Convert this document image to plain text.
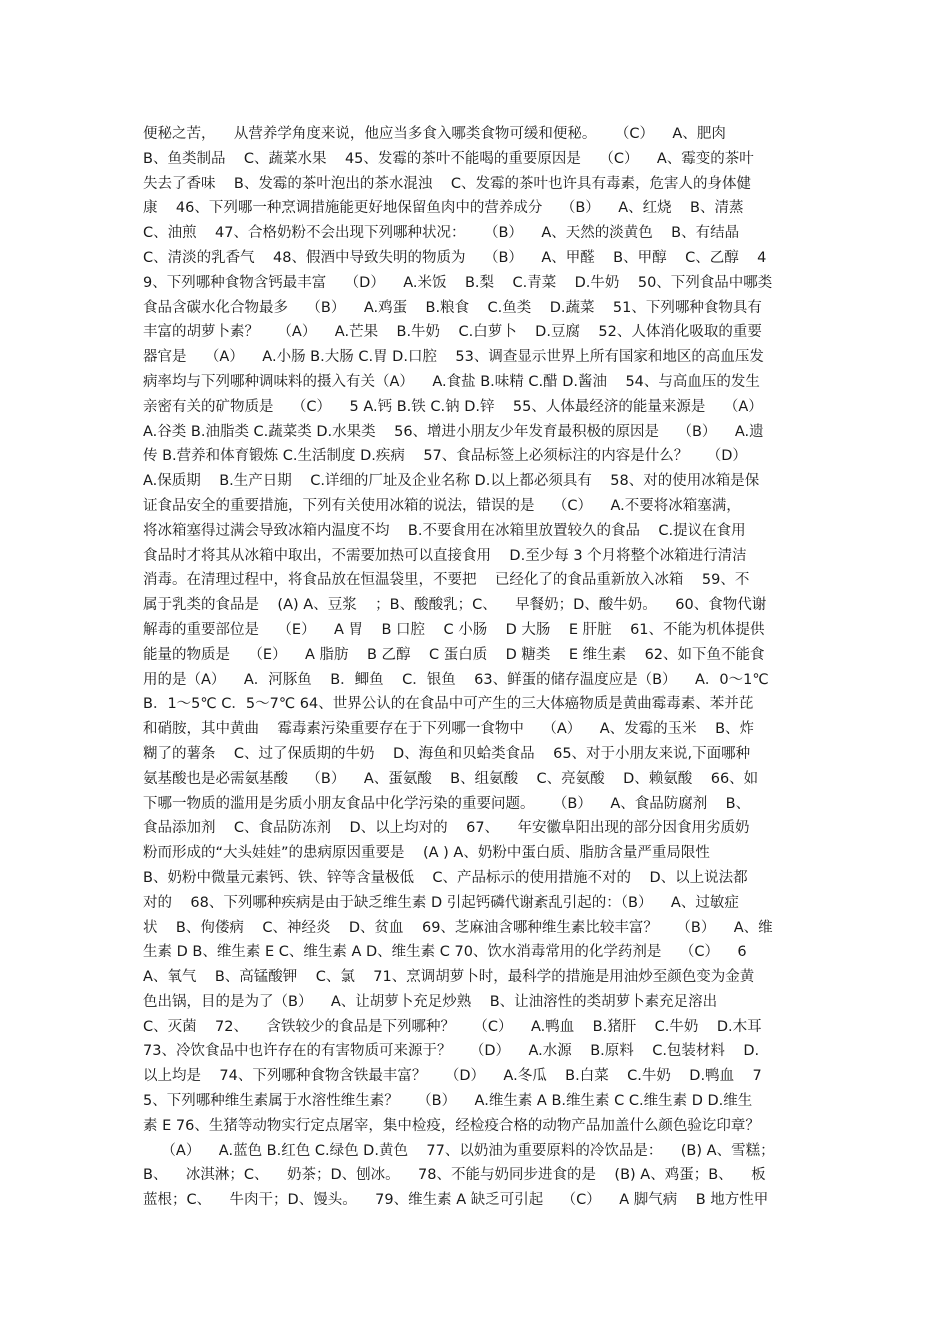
便秘之苦，    从营养学角度来说，他应当多食入哪类食物可缓和便秘。    （C）    A、肥肉
B、鱼类制品    C、蔬菜水果    45、发霉的茶叶不能喝的重要原因是    （C）    A、霉变的茶叶
失去了香味    B、发霉的茶叶泡出的茶水混浊    C、发霉的茶叶也许具有毒素，危害人的身体健
康    46、下列哪一种烹调措施能更好地保留鱼肉中的营养成分    （B）    A、红烧    B、清蒸
C、油煎    47、合格奶粉不会出现下列哪种状况：    （B）    A、天然的淡黄色    B、有结晶
C、清淡的乳香气    48、假酒中导致失明的物质为    （B）    A、甲醛    B、甲醇    C、乙醇    4
9、下列哪种食物含钙最丰富    （D）    A.米饭    B.梨    C.青菜    D.牛奶    50、下列食品中哪类
食品含碳水化合物最多    （B）    A.鸡蛋    B.粮食    C.鱼类    D.蔬菜    51、下列哪种食物具有
丰富的胡萝卜素？    （A）    A.芒果    B.牛奶    C.白萝卜    D.豆腐    52、人体消化吸取的重要
器官是    （A）    A.小肠 B.大肠 C.胃 D.口腔    53、调查显示世界上所有国家和地区的高血压发
病率均与下列哪种调味料的摄入有关（A）    A.食盐 B.味精 C.醋 D.酱油    54、与高血压的发生
亲密有关的矿物质是    （C）    5 A.钙 B.铁 C.钠 D.锌    55、人体最经济的能量来源是    （A）
A.谷类 B.油脂类 C.蔬菜类 D.水果类    56、增进小朋友少年发育最积极的原因是    （B）    A.遗
传 B.营养和体育锻炼 C.生活制度 D.疾病    57、食品标签上必须标注的内容是什么？    （D）
A.保质期    B.生产日期    C.详细的厂址及企业名称 D.以上都必须具有    58、对的使用冰箱是保
证食品安全的重要措施，下列有关使用冰箱的说法，错误的是    （C）    A.不要将冰箱塞满，
将冰箱塞得过满会导致冰箱内温度不均    B.不要食用在冰箱里放置较久的食品    C.提议在食用
食品时才将其从冰箱中取出，不需要加热可以直接食用    D.至少每 3 个月将整个冰箱进行清洁
消毒。在清理过程中，将食品放在恒温袋里，不要把    已经化了的食品重新放入冰箱    59、不
属于乳类的食品是    (A) A、豆浆    ；B、酸酸乳；C、    早餐奶；D、酸牛奶。    60、食物代谢
解毒的重要部位是    （E）    A 胃    B 口腔    C 小肠    D 大肠    E 肝脏    61、不能为机体提供
能量的物质是    （E）    A 脂肪    B 乙醇    C 蛋白质    D 糖类    E 维生素    62、如下鱼不能食
用的是（A）    A．河豚鱼    B．鲫鱼    C．银鱼    63、鲜蛋的储存温度应是（B）    A．0～1℃
B．1～5℃ C．5～7℃ 64、世界公认的在食品中可产生的三大体癌物质是黄曲霉毒素、苯并芘
和硝胺，其中黄曲    霉毒素污染重要存在于下列哪一食物中    （A）    A、发霉的玉米    B、炸
糊了的薯条    C、过了保质期的牛奶    D、海鱼和贝蛤类食品    65、对于小朋友来说,下面哪种
氨基酸也是必需氨基酸    （B）    A、蛋氨酸    B、组氨酸    C、亮氨酸    D、赖氨酸    66、如
下哪一物质的滥用是劣质小朋友食品中化学污染的重要问题。    （B）    A、食品防腐剂    B、
食品添加剂    C、食品防冻剂    D、以上均对的    67、    年安徽阜阳出现的部分因食用劣质奶
粉而形成的“大头娃娃”的患病原因重要是    (A ) A、奶粉中蛋白质、脂肪含量严重局限性
B、奶粉中微量元素钙、铁、锌等含量极低    C、产品标示的使用措施不对的    D、以上说法都
对的    68、下列哪种疾病是由于缺乏维生素 D 引起钙磷代谢紊乱引起的：（B）    A、过敏症
状    B、佝偻病    C、神经炎    D、贫血    69、芝麻油含哪种维生素比较丰富？    （B）    A、维
生素 D B、维生素 E C、维生素 A D、维生素 C 70、饮水消毒常用的化学药剂是    （C）    6
A、氧气    B、高锰酸钾    C、氯    71、烹调胡萝卜时，最科学的措施是用油炒至颜色变为金黄
色出锅，目的是为了（B）    A、让胡萝卜充足炒熟    B、让油溶性的类胡萝卜素充足溶出
C、灭菌    72、    含铁较少的食品是下列哪种？    （C）    A.鸭血    B.猪肝    C.牛奶    D.木耳
73、冷饮食品中也许存在的有害物质可来源于？    （D）    A.水源    B.原料    C.包装材料    D.
以上均是    74、下列哪种食物含铁最丰富？    （D）    A.冬瓜    B.白菜    C.牛奶    D.鸭血    7
5、下列哪种维生素属于水溶性维生素？    （B）    A.维生素 A B.维生素 C C.维生素 D D.维生
素 E 76、生猪等动物实行定点屠宰，集中检疫，经检疫合格的动物产品加盖什么颜色验讫印章？
（A）    A.蓝色 B.红色 C.绿色 D.黄色    77、以奶油为重要原料的冷饮品是：    (B) A、雪糕；
B、    冰淇淋；C、    奶茶；D、刨冰。    78、不能与奶同步进食的是    (B) A、鸡蛋；B、    板
蓝根；C、    牛肉干；D、馒头。    79、维生素 A 缺乏可引起    （C）    A 脚气病    B 地方性甲
